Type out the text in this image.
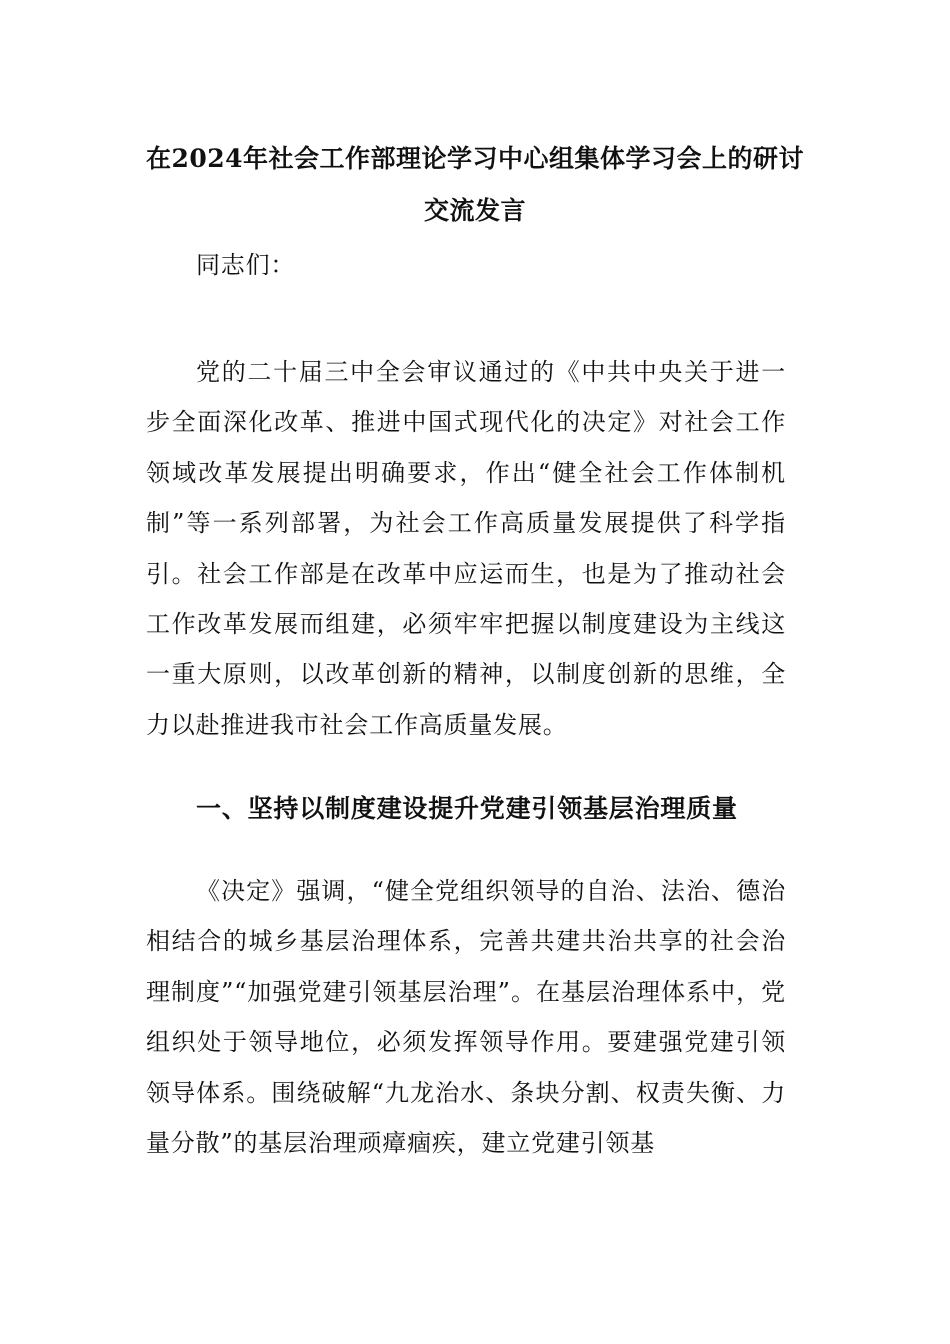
在2024年社会工作部理论学习中心组集体学习会上的研讨
交流发言

同志们：

党的二十届三中全会审议通过的《中共中央关于进一步全面深化改革、推进中国式现代化的决定》对社会工作领域改革发展提出明确要求，作出“健全社会工作体制机制”等一系列部署，为社会工作高质量发展提供了科学指引。社会工作部是在改革中应运而生，也是为了推动社会工作改革发展而组建，必须牢牢把握以制度建设为主线这一重大原则，以改革创新的精神，以制度创新的思维，全力以赴推进我市社会工作高质量发展。

一、坚持以制度建设提升党建引领基层治理质量

《决定》强调，“健全党组织领导的自治、法治、德治相结合的城乡基层治理体系，完善共建共治共享的社会治理制度”“加强党建引领基层治理”。在基层治理体系中，党组织处于领导地位，必须发挥领导作用。要建强党建引领领导体系。围绕破解“九龙治水、条块分割、权责失衡、力量分散”的基层治理顽瘴痼疾，建立党建引领基
